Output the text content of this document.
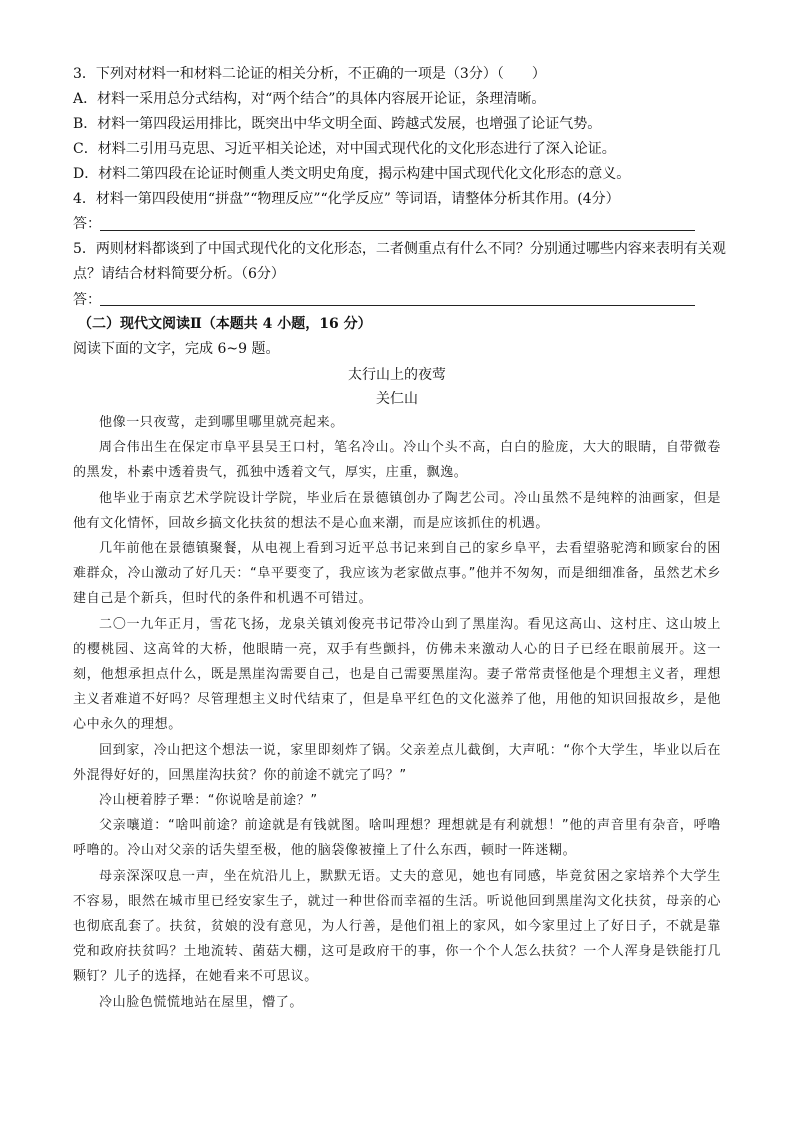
3．下列对材料一和材料二论证的相关分析，不正确的一项是（3分）（　　）
A．材料一采用总分式结构，对“两个结合”的具体内容展开论证，条理清晰。
B．材料一第四段运用排比，既突出中华文明全面、跨越式发展，也增强了论证气势。
C．材料二引用马克思、习近平相关论述，对中国式现代化的文化形态进行了深入论证。
D．材料二第四段在论证时侧重人类文明史角度，揭示构建中国式现代化文化形态的意义。
4．材料一第四段使用“拼盘”“物理反应”“化学反应” 等词语，请整体分析其作用。(4分）
答：
5．两则材料都谈到了中国式现代化的文化形态，二者侧重点有什么不同？分别通过哪些内容来表明有关观
点？请结合材料简要分析。（6分）
答：
（二）现代文阅读Ⅱ（本题共 4 小题，16 分）
阅读下面的文字，完成 6~9 题。
太行山上的夜莺
关仁山

他像一只夜莺，走到哪里哪里就亮起来。

周合伟出生在保定市阜平县吴王口村，笔名冷山。冷山个头不高，白白的脸庞，大大的眼睛，自带微卷的黑发，朴素中透着贵气，孤独中透着文气，厚实，庄重，飘逸。

他毕业于南京艺术学院设计学院，毕业后在景德镇创办了陶艺公司。冷山虽然不是纯粹的油画家，但是他有文化情怀，回故乡搞文化扶贫的想法不是心血来潮，而是应该抓住的机遇。

几年前他在景德镇聚餐，从电视上看到习近平总书记来到自己的家乡阜平，去看望骆驼湾和顾家台的困难群众，冷山激动了好几天：“阜平要变了，我应该为老家做点事。”他并不匆匆，而是细细准备，虽然艺术乡建自己是个新兵，但时代的条件和机遇不可错过。

二〇一九年正月，雪花飞扬，龙泉关镇刘俊亮书记带冷山到了黑崖沟。看见这高山、这村庄、这山坡上的樱桃园、这高耸的大桥，他眼睛一亮，双手有些颤抖，仿佛未来激动人心的日子已经在眼前展开。这一刻，他想承担点什么，既是黑崖沟需要自己，也是自己需要黑崖沟。妻子常常责怪他是个理想主义者，理想主义者难道不好吗？尽管理想主义时代结束了，但是阜平红色的文化滋养了他，用他的知识回报故乡，是他心中永久的理想。

回到家，冷山把这个想法一说，家里即刻炸了锅。父亲差点儿截倒，大声吼：“你个大学生，毕业以后在外混得好好的，回黑崖沟扶贫？你的前途不就完了吗？”

冷山梗着脖子犟：“你说啥是前途？”

父亲嚷道：“啥叫前途？前途就是有钱就图。啥叫理想？理想就是有利就想！”他的声音里有杂音，呼噜呼噜的。冷山对父亲的话失望至极，他的脑袋像被撞上了什么东西，顿时一阵迷糊。

母亲深深叹息一声，坐在炕沿儿上，默默无语。丈夫的意见，她也有同感，毕竟贫困之家培养个大学生不容易，眼然在城市里已经安家生子，就过一种世俗而幸福的生活。听说他回到黑崖沟文化扶贫，母亲的心也彻底乱套了。扶贫，贫娘的没有意见，为人行善，是他们祖上的家风，如今家里过上了好日子，不就是靠党和政府扶贫吗？土地流转、菌菇大棚，这可是政府干的事，你一个个人怎么扶贫？一个人浑身是铁能打几颗钉？儿子的选择，在她看来不可思议。

冷山脸色慌慌地站在屋里，懵了。
